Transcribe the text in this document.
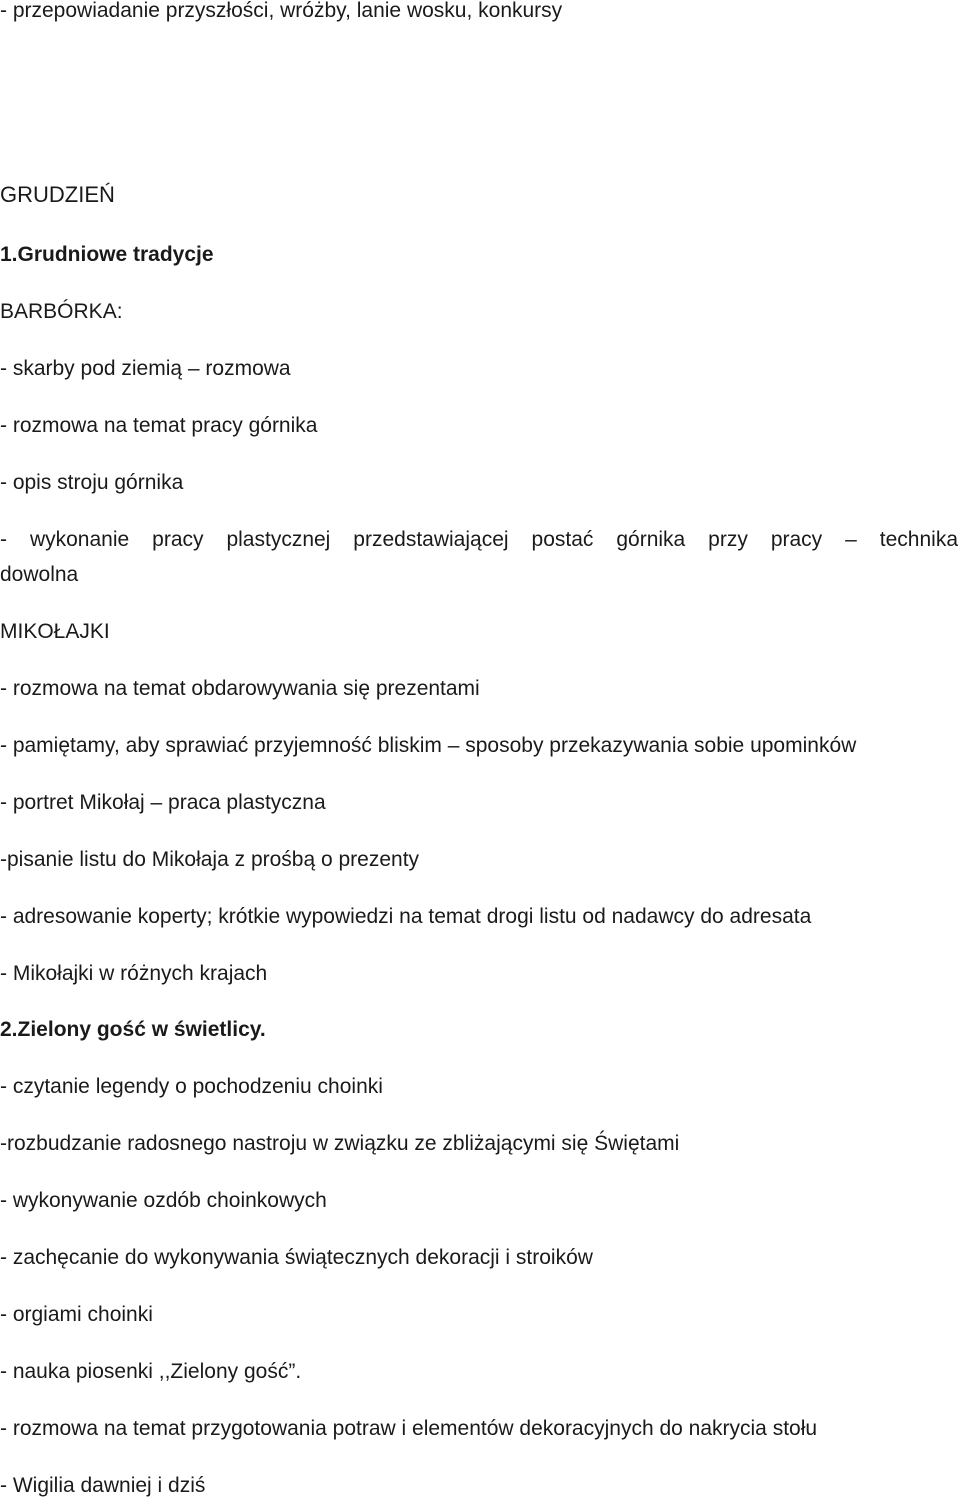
- przepowiadanie przyszłości, wróżby, lanie wosku, konkursy

GRUDZIEŃ

1.Grudniowe tradycje

BARBÓRKA:

- skarby pod ziemią – rozmowa

- rozmowa na temat pracy górnika

- opis stroju górnika

- wykonanie pracy plastycznej przedstawiającej postać górnika przy pracy – technika

dowolna

MIKOŁAJKI

- rozmowa na temat obdarowywania się prezentami

- pamiętamy, aby sprawiać przyjemność bliskim – sposoby przekazywania sobie upominków

- portret Mikołaj – praca plastyczna

-pisanie listu do Mikołaja z prośbą o prezenty

- adresowanie koperty; krótkie wypowiedzi na temat drogi listu od nadawcy do adresata

- Mikołajki w różnych krajach

2.Zielony gość w świetlicy.

- czytanie legendy o pochodzeniu choinki

-rozbudzanie radosnego nastroju w związku ze zbliżającymi się Świętami

- wykonywanie ozdób choinkowych

- zachęcanie do wykonywania świątecznych dekoracji i stroików

- orgiami choinki

- nauka piosenki ,,Zielony gość”.

- rozmowa na temat przygotowania potraw i elementów dekoracyjnych do nakrycia stołu

- Wigilia dawniej i dziś
